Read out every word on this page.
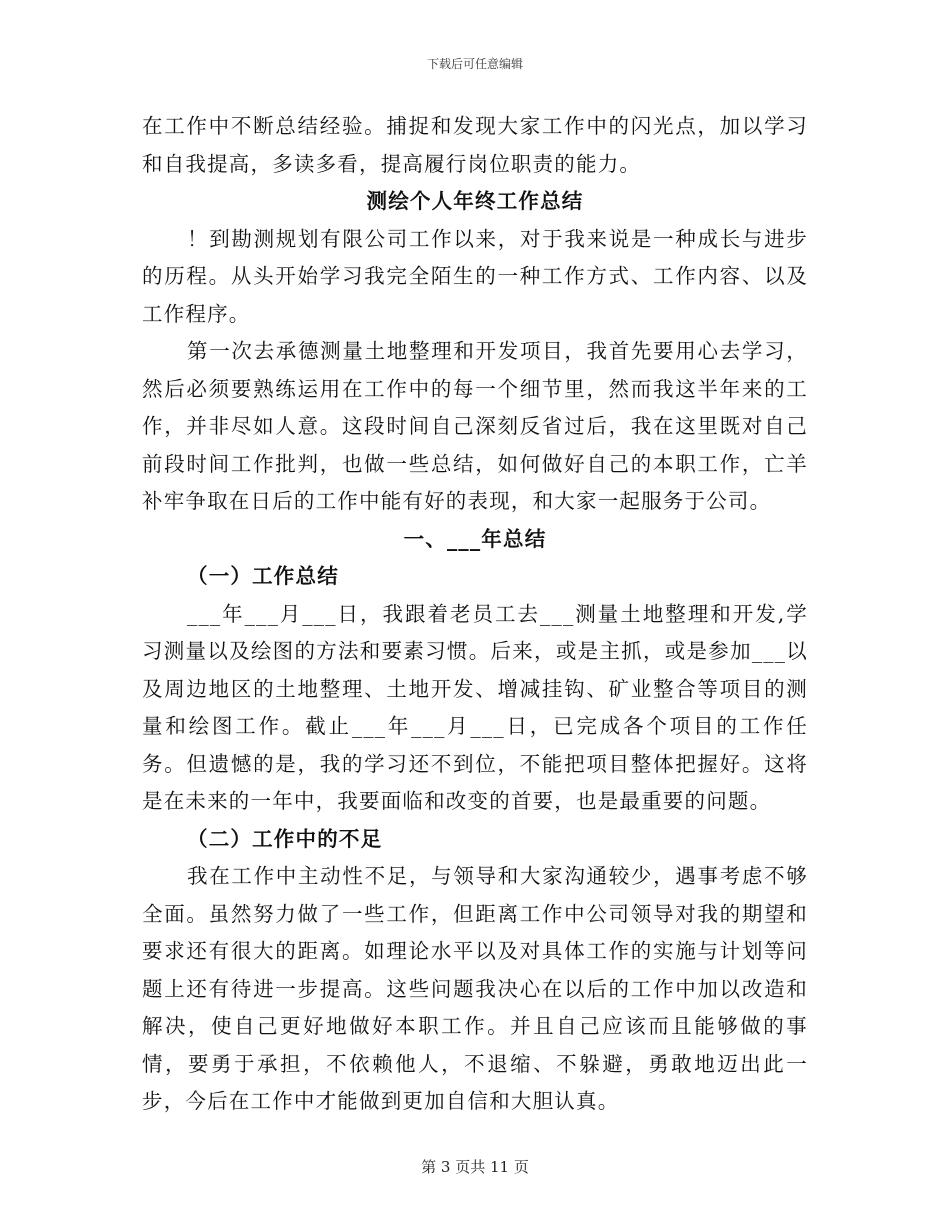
下载后可任意编辑

在工作中不断总结经验。捕捉和发现大家工作中的闪光点，加以学习和自我提高，多读多看，提高履行岗位职责的能力。

测绘个人年终工作总结

！到勘测规划有限公司工作以来，对于我来说是一种成长与进步的历程。从头开始学习我完全陌生的一种工作方式、工作内容、以及工作程序。

第一次去承德测量土地整理和开发项目，我首先要用心去学习，然后必须要熟练运用在工作中的每一个细节里，然而我这半年来的工作，并非尽如人意。这段时间自己深刻反省过后，我在这里既对自己前段时间工作批判，也做一些总结，如何做好自己的本职工作，亡羊补牢争取在日后的工作中能有好的表现，和大家一起服务于公司。

一、___年总结

（一）工作总结

___年___月___日，我跟着老员工去___测量土地整理和开发,学习测量以及绘图的方法和要素习惯。后来，或是主抓，或是参加___以及周边地区的土地整理、土地开发、增减挂钩、矿业整合等项目的测量和绘图工作。截止___年___月___日，已完成各个项目的工作任务。但遗憾的是，我的学习还不到位，不能把项目整体把握好。这将是在未来的一年中，我要面临和改变的首要，也是最重要的问题。

（二）工作中的不足

我在工作中主动性不足，与领导和大家沟通较少，遇事考虑不够全面。虽然努力做了一些工作，但距离工作中公司领导对我的期望和要求还有很大的距离。如理论水平以及对具体工作的实施与计划等问题上还有待进一步提高。这些问题我决心在以后的工作中加以改造和解决，使自己更好地做好本职工作。并且自己应该而且能够做的事情，要勇于承担，不依赖他人，不退缩、不躲避，勇敢地迈出此一步，今后在工作中才能做到更加自信和大胆认真。

第 3 页共 11 页
